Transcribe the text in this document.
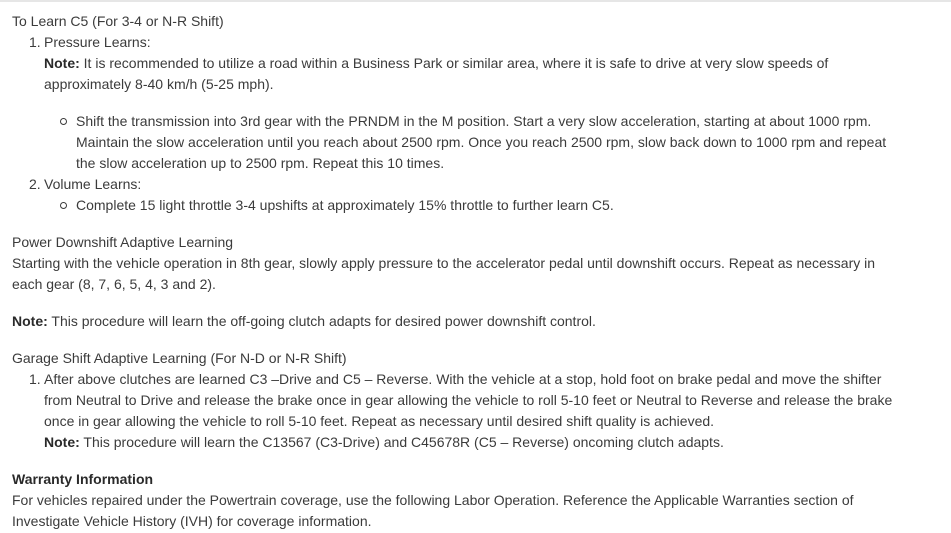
To Learn C5 (For 3-4 or N-R Shift)
1. Pressure Learns:
Note: It is recommended to utilize a road within a Business Park or similar area, where it is safe to drive at very slow speeds of
approximately 8-40 km/h (5-25 mph).
Shift the transmission into 3rd gear with the PRNDM in the M position. Start a very slow acceleration, starting at about 1000 rpm.
Maintain the slow acceleration until you reach about 2500 rpm. Once you reach 2500 rpm, slow back down to 1000 rpm and repeat
the slow acceleration up to 2500 rpm. Repeat this 10 times.
2. Volume Learns:
Complete 15 light throttle 3-4 upshifts at approximately 15% throttle to further learn C5.
Power Downshift Adaptive Learning
Starting with the vehicle operation in 8th gear, slowly apply pressure to the accelerator pedal until downshift occurs. Repeat as necessary in
each gear (8, 7, 6, 5, 4, 3 and 2).
Note: This procedure will learn the off-going clutch adapts for desired power downshift control.
Garage Shift Adaptive Learning (For N-D or N-R Shift)
1. After above clutches are learned C3 –Drive and C5 – Reverse. With the vehicle at a stop, hold foot on brake pedal and move the shifter
from Neutral to Drive and release the brake once in gear allowing the vehicle to roll 5-10 feet or Neutral to Reverse and release the brake
once in gear allowing the vehicle to roll 5-10 feet. Repeat as necessary until desired shift quality is achieved.
Note: This procedure will learn the C13567 (C3-Drive) and C45678R (C5 – Reverse) oncoming clutch adapts.
Warranty Information
For vehicles repaired under the Powertrain coverage, use the following Labor Operation. Reference the Applicable Warranties section of
Investigate Vehicle History (IVH) for coverage information.
